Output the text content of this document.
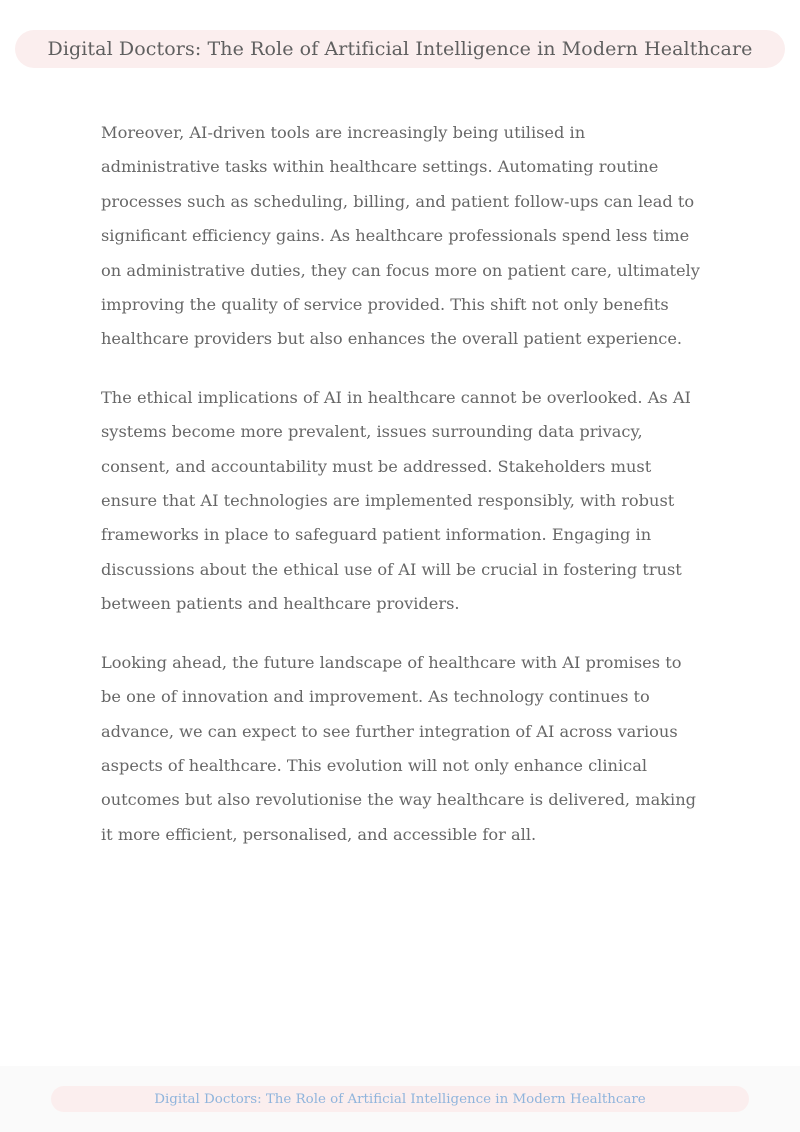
Digital Doctors: The Role of Artificial Intelligence in Modern Healthcare

Moreover, AI-driven tools are increasingly being utilised in administrative tasks within healthcare settings. Automating routine processes such as scheduling, billing, and patient follow-ups can lead to significant efficiency gains. As healthcare professionals spend less time on administrative duties, they can focus more on patient care, ultimately improving the quality of service provided. This shift not only benefits healthcare providers but also enhances the overall patient experience.

The ethical implications of AI in healthcare cannot be overlooked. As AI systems become more prevalent, issues surrounding data privacy, consent, and accountability must be addressed. Stakeholders must ensure that AI technologies are implemented responsibly, with robust frameworks in place to safeguard patient information. Engaging in discussions about the ethical use of AI will be crucial in fostering trust between patients and healthcare providers.

Looking ahead, the future landscape of healthcare with AI promises to be one of innovation and improvement. As technology continues to advance, we can expect to see further integration of AI across various aspects of healthcare. This evolution will not only enhance clinical outcomes but also revolutionise the way healthcare is delivered, making it more efficient, personalised, and accessible for all.

Digital Doctors: The Role of Artificial Intelligence in Modern Healthcare
